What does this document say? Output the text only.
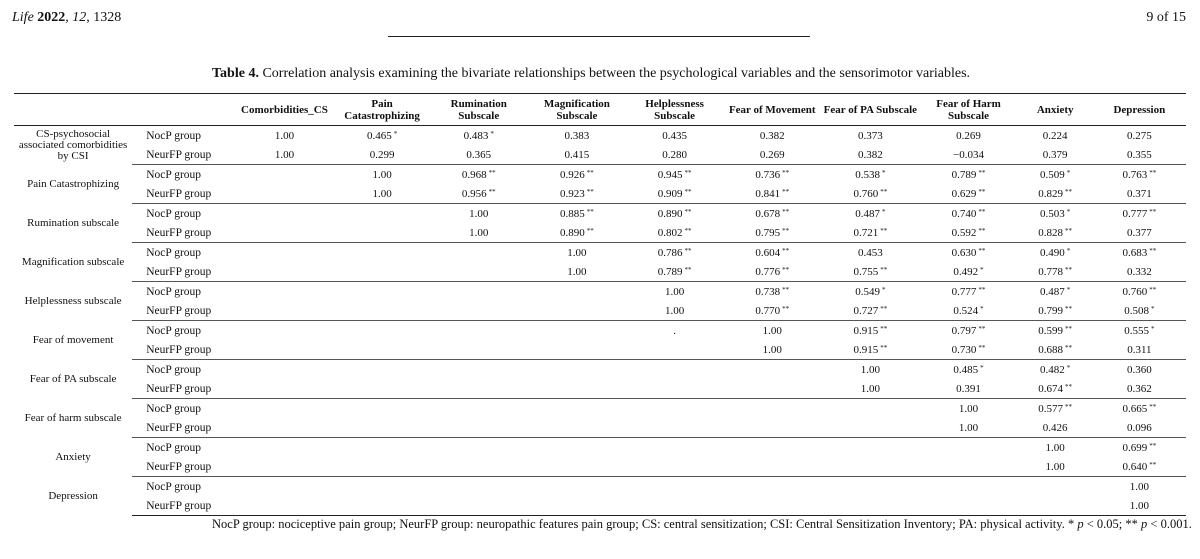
Life 2022, 12, 1328	9 of 15
Table 4. Correlation analysis examining the bivariate relationships between the psychological variables and the sensorimotor variables.
		Comorbidities_CS	Pain Catastrophizing	Rumination Subscale	Magnification Subscale	Helplessness Subscale	Fear of Movement	Fear of PA Subscale	Fear of Harm Subscale	Anxiety	Depression
CS-psychosocial associated comorbidities by CSI	NocP group	1.00	0.465 *	0.483 *	0.383	0.435	0.382	0.373	0.269	0.224	0.275
	NeurFP group	1.00	0.299	0.365	0.415	0.280	0.269	0.382	−0.034	0.379	0.355
Pain Catastrophizing	NocP group		1.00	0.968 **	0.926 **	0.945 **	0.736 **	0.538 *	0.789 **	0.509 *	0.763 **
	NeurFP group		1.00	0.956 **	0.923 **	0.909 **	0.841 **	0.760 **	0.629 **	0.829 **	0.371
Rumination subscale	NocP group			1.00	0.885 **	0.890 **	0.678 **	0.487 *	0.740 **	0.503 *	0.777 **
	NeurFP group			1.00	0.890 **	0.802 **	0.795 **	0.721 **	0.592 **	0.828 **	0.377
Magnification subscale	NocP group				1.00	0.786 **	0.604 **	0.453	0.630 **	0.490 *	0.683 **
	NeurFP group				1.00	0.789 **	0.776 **	0.755 **	0.492 *	0.778 **	0.332
Helplessness subscale	NocP group					1.00	0.738 **	0.549 *	0.777 **	0.487 *	0.760 **
	NeurFP group					1.00	0.770 **	0.727 **	0.524 *	0.799 **	0.508 *
Fear of movement	NocP group					.	1.00	0.915 **	0.797 **	0.599 **	0.555 *
	NeurFP group						1.00	0.915 **	0.730 **	0.688 **	0.311
Fear of PA subscale	NocP group							1.00	0.485 *	0.482 *	0.360
	NeurFP group							1.00	0.391	0.674 **	0.362
Fear of harm subscale	NocP group								1.00	0.577 **	0.665 **
	NeurFP group								1.00	0.426	0.096
Anxiety	NocP group									1.00	0.699 **
	NeurFP group									1.00	0.640 **
Depression	NocP group										1.00
	NeurFP group										1.00
NocP group: nociceptive pain group; NeurFP group: neuropathic features pain group; CS: central sensitization; CSI: Central Sensitization Inventory; PA: physical activity. * p < 0.05; ** p < 0.001.
